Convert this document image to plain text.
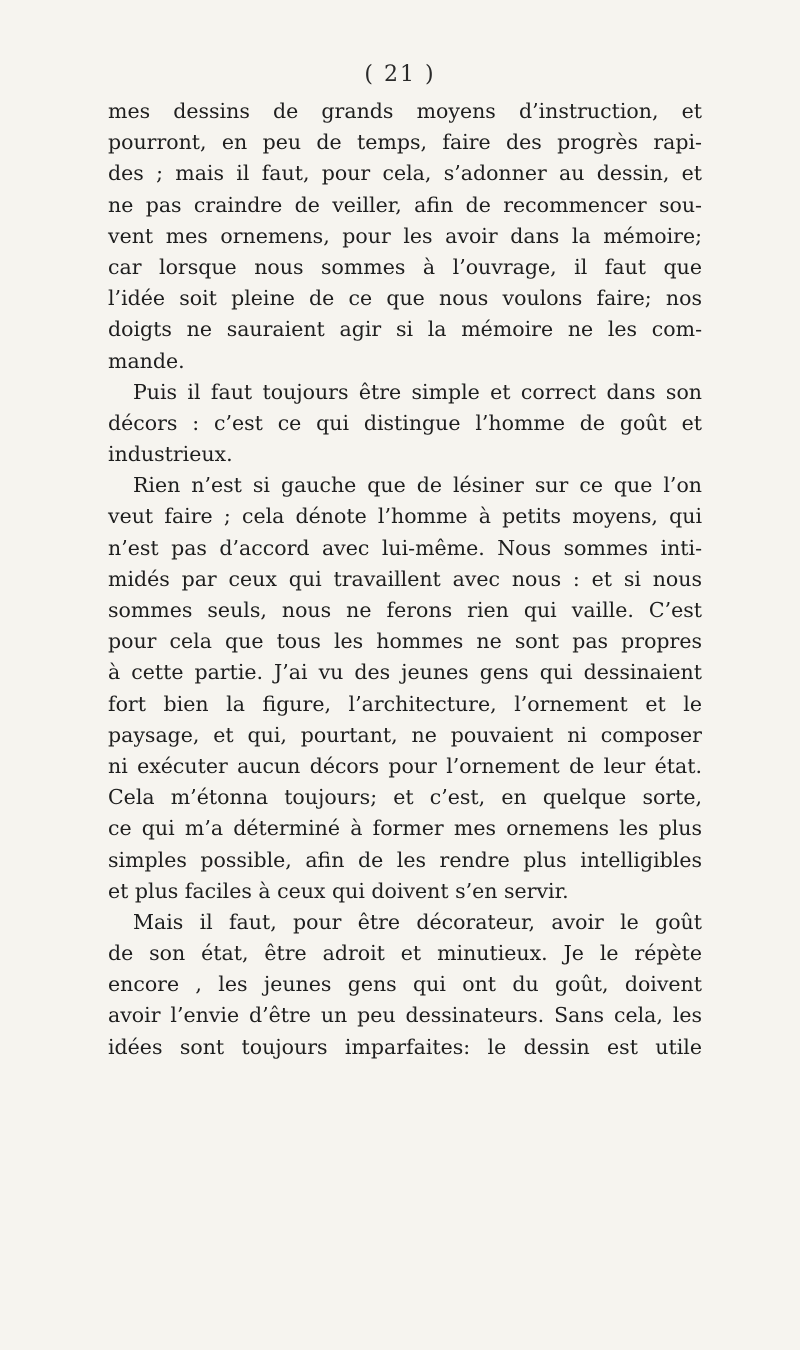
( 21 )
mes dessins de grands moyens d’instruction, et
pourront, en peu de temps, faire des progrès rapi-
des ; mais il faut, pour cela, s’adonner au dessin, et
ne pas craindre de veiller, afin de recommencer sou-
vent mes ornemens, pour les avoir dans la mémoire;
car lorsque nous sommes à l’ouvrage, il faut que
l’idée soit pleine de ce que nous voulons faire; nos
doigts ne sauraient agir si la mémoire ne les com-
mande.
Puis il faut toujours être simple et correct dans son
décors : c’est ce qui distingue l’homme de goût et
industrieux.
Rien n’est si gauche que de lésiner sur ce que l’on
veut faire ; cela dénote l’homme à petits moyens, qui
n’est pas d’accord avec lui-même. Nous sommes inti-
midés par ceux qui travaillent avec nous : et si nous
sommes seuls, nous ne ferons rien qui vaille. C’est
pour cela que tous les hommes ne sont pas propres
à cette partie. J’ai vu des jeunes gens qui dessinaient
fort bien la figure, l’architecture, l’ornement et le
paysage, et qui, pourtant, ne pouvaient ni composer
ni exécuter aucun décors pour l’ornement de leur état.
Cela m’étonna toujours; et c’est, en quelque sorte,
ce qui m’a déterminé à former mes ornemens les plus
simples possible, afin de les rendre plus intelligibles
et plus faciles à ceux qui doivent s’en servir.
Mais il faut, pour être décorateur, avoir le goût
de son état, être adroit et minutieux. Je le répète
encore , les jeunes gens qui ont du goût, doivent
avoir l’envie d’être un peu dessinateurs. Sans cela, les
idées sont toujours imparfaites: le dessin est utile
